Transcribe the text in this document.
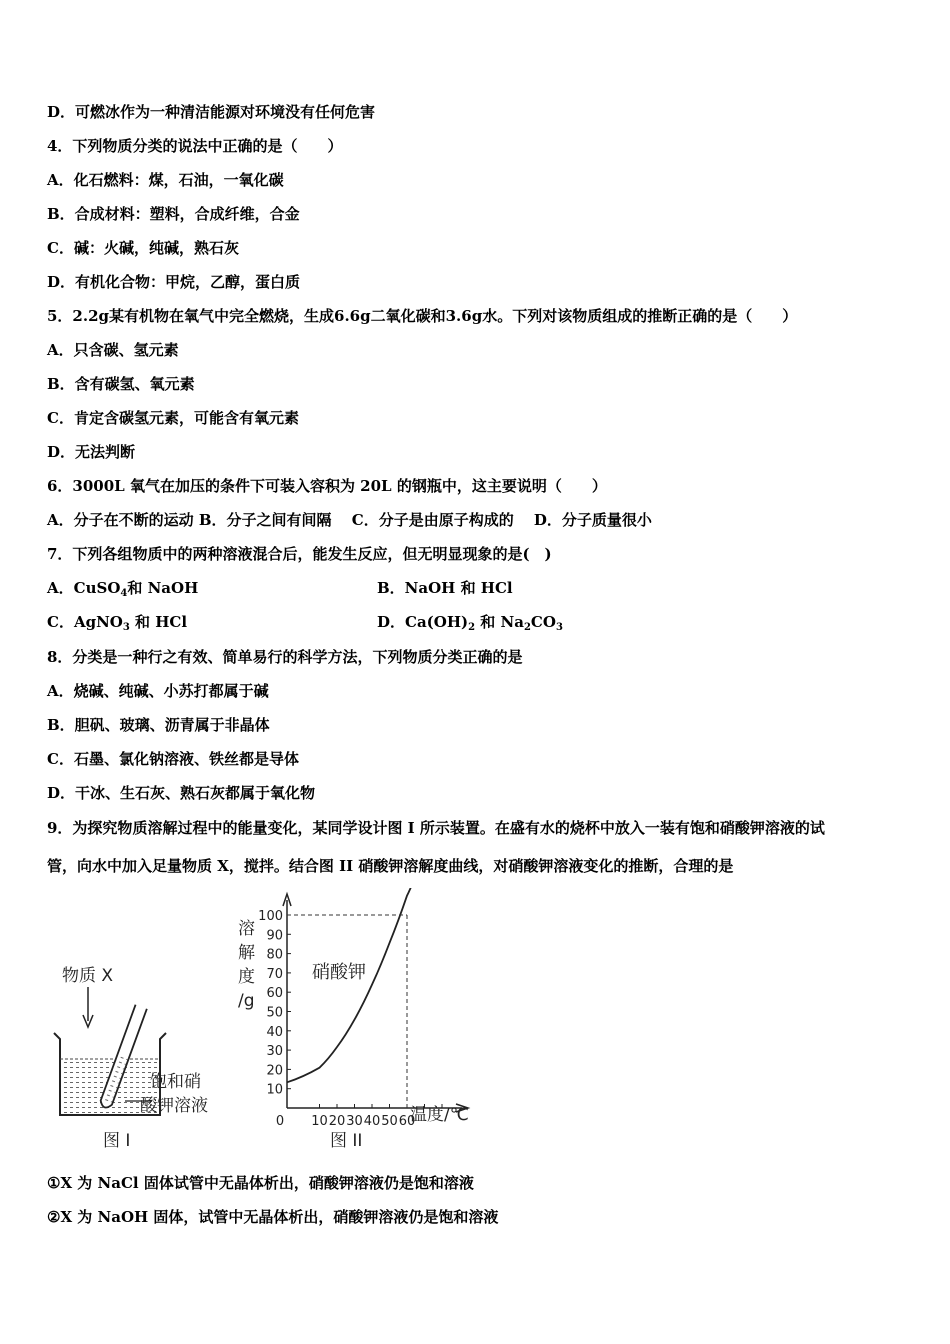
D．可燃冰作为一种清洁能源对环境没有任何危害
4．下列物质分类的说法中正确的是（　　）
A．化石燃料：煤，石油，一氧化碳
B．合成材料：塑料，合成纤维，合金
C．碱：火碱，纯碱，熟石灰
D．有机化合物：甲烷，乙醇，蛋白质
5．2.2g某有机物在氧气中完全燃烧，生成6.6g二氧化碳和3.6g水。下列对该物质组成的推断正确的是（　　）
A．只含碳、氢元素
B．含有碳氢、氧元素
C．肯定含碳氢元素，可能含有氧元素
D．无法判断
6．3000L 氧气在加压的条件下可装入容积为 20L 的钢瓶中，这主要说明（　　）
A．分子在不断的运动 B．分子之间有间隔　 C．分子是由原子构成的　 D．分子质量很小
7．下列各组物质中的两种溶液混合后，能发生反应，但无明显现象的是(　)
A．CuSO$_4$和 NaOH	B．NaOH 和 HCl
C．AgNO$_3$ 和 HCl	D．$Ca(OH)_2$ 和 $Na_2CO_3$
8．分类是一种行之有效、简单易行的科学方法，下列物质分类正确的是
A．烧碱、纯碱、小苏打都属于碱
B．胆矾、玻璃、沥青属于非晶体
C．石墨、氯化钠溶液、铁丝都是导体
D．干冰、生石灰、熟石灰都属于氧化物
9．为探究物质溶解过程中的能量变化，某同学设计图 I 所示装置。在盛有水的烧杯中放入一装有饱和硝酸钾溶液的试
管，向水中加入足量物质 X，搅拌。结合图 II 硝酸钾溶解度曲线，对硝酸钾溶液变化的推断，合理的是
物质 X
饱和硝
酸钾溶液
图 I
溶
解
度
/g
10
20
30
40
50
60
70
80
90
100
0 10 20 30 40 50 60
硝酸钾
温度/℃
图 II
①X 为 NaCl 固体试管中无晶体析出，硝酸钾溶液仍是饱和溶液
②X 为 NaOH 固体，试管中无晶体析出，硝酸钾溶液仍是饱和溶液
